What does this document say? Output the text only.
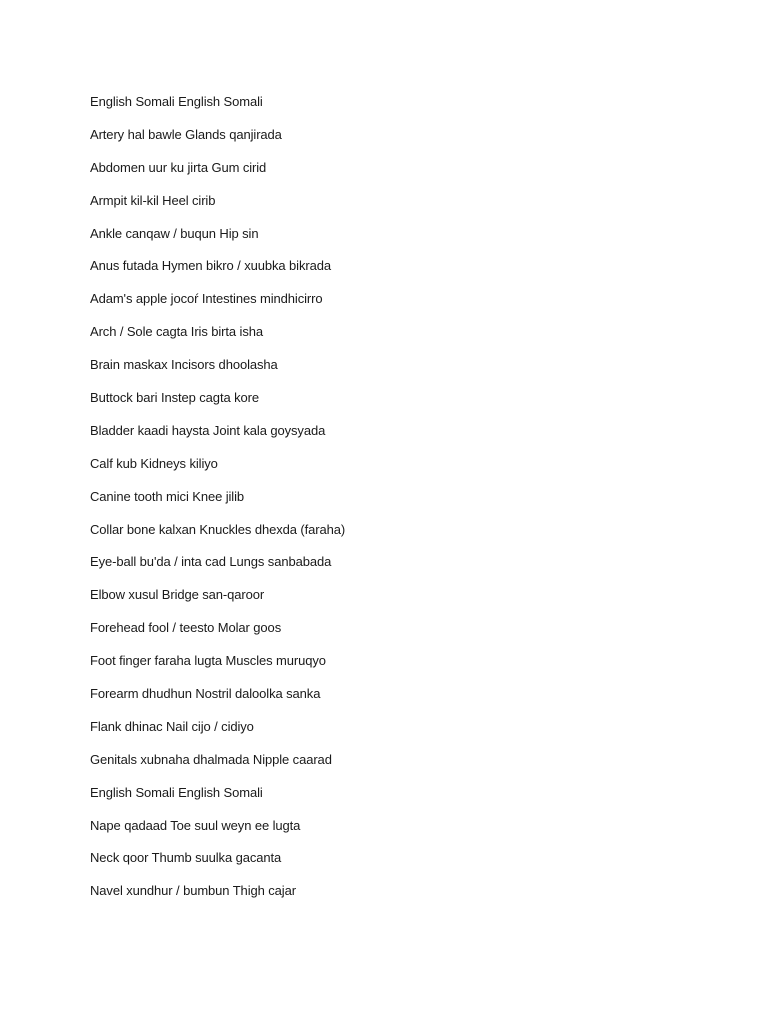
English Somali English Somali
Artery hal bawle Glands qanjirada
Abdomen uur ku jirta Gum cirid
Armpit kil-kil Heel cirib
Ankle canqaw / buqun Hip sin
Anus futada Hymen bikro / xuubka bikrada
Adam's apple jocoŕ Intestines mindhicirro
Arch / Sole cagta Iris birta isha
Brain maskax Incisors dhoolasha
Buttock bari Instep cagta kore
Bladder kaadi haysta Joint kala goysyada
Calf kub Kidneys kiliyo
Canine tooth mici Knee jilib
Collar bone kalxan Knuckles dhexda (faraha)
Eye-ball bu'da / inta cad Lungs sanbabada
Elbow xusul Bridge san-qaroor
Forehead fool / teesto Molar goos
Foot finger faraha lugta Muscles muruqyo
Forearm dhudhun Nostril daloolka sanka
Flank dhinac Nail cijo / cidiyo
Genitals xubnaha dhalmada Nipple caarad
English Somali English Somali
Nape qadaad Toe suul weyn ee lugta
Neck qoor Thumb suulka gacanta
Navel xundhur / bumbun Thigh cajar
